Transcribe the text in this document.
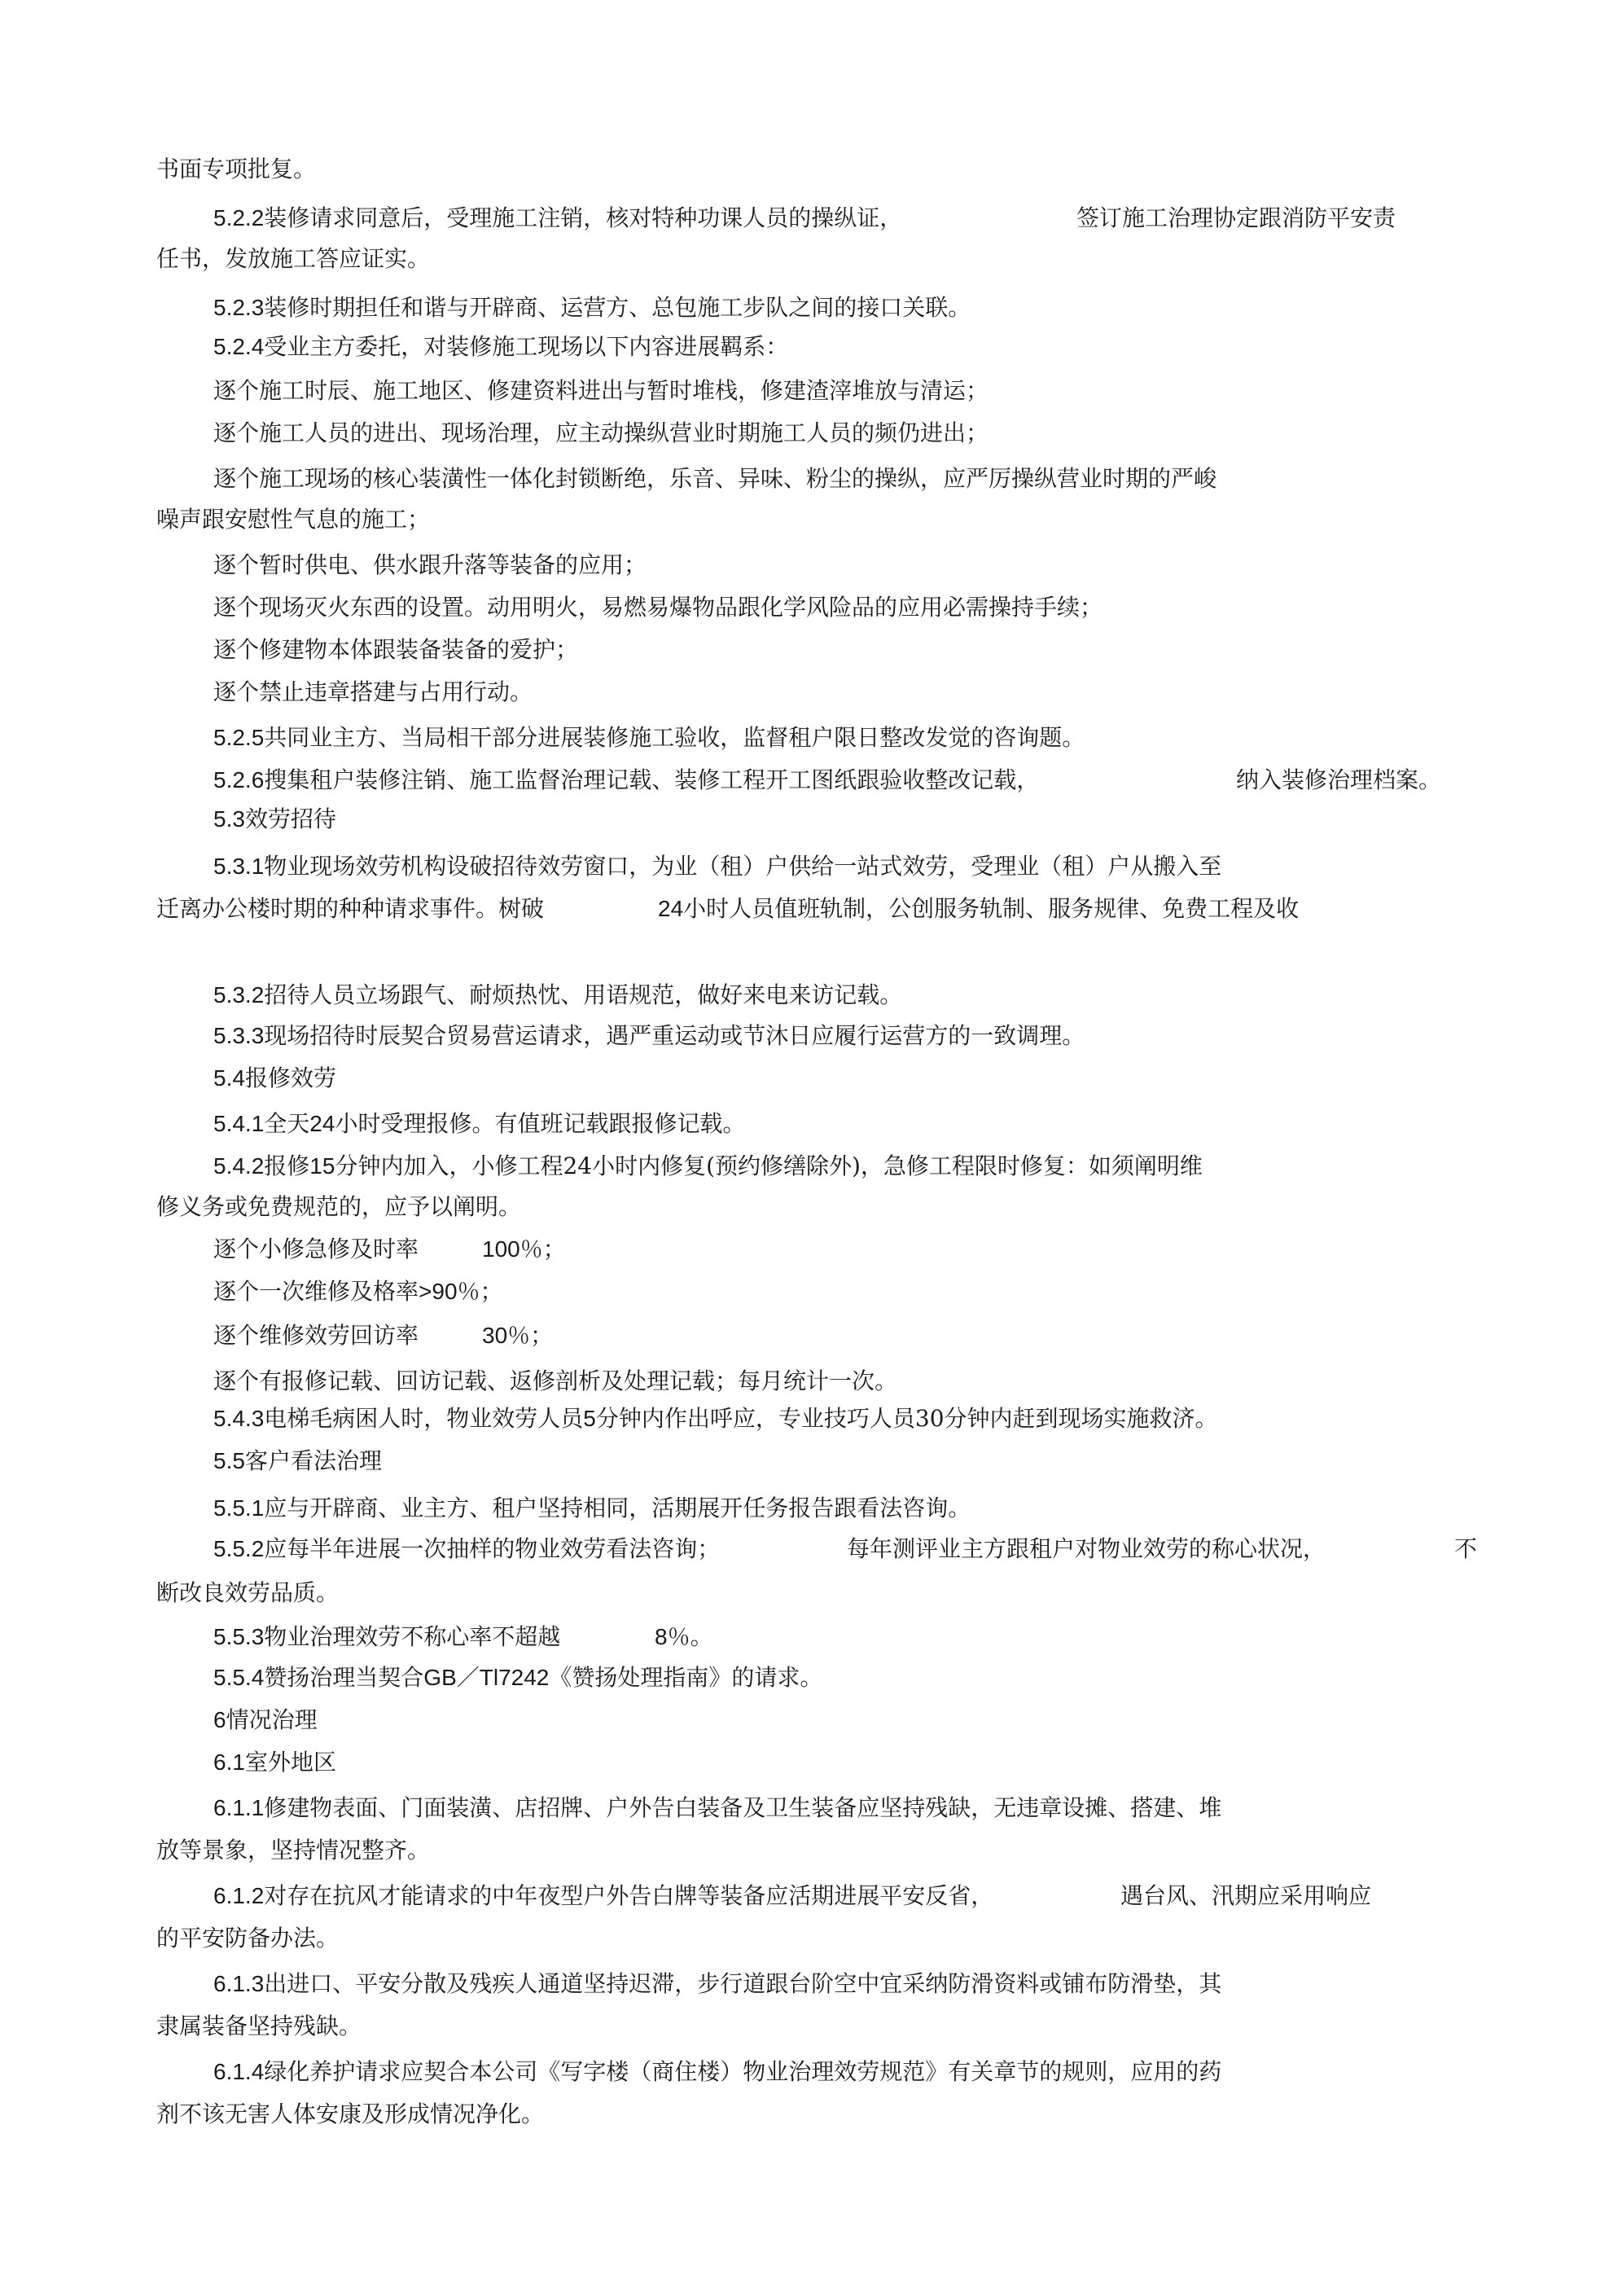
书面专项批复。
5.2.2装修请求同意后，受理施工注销，核对特种功课人员的操纵证，	签订施工治理协定跟消防平安责
任书，发放施工答应证实。
5.2.3装修时期担任和谐与开辟商、运营方、总包施工步队之间的接口关联。
5.2.4受业主方委托，对装修施工现场以下内容进展羁系：
逐个施工时辰、施工地区、修建资料进出与暂时堆栈，修建渣滓堆放与清运；
逐个施工人员的进出、现场治理，应主动操纵营业时期施工人员的频仍进出；
逐个施工现场的核心装潢性一体化封锁断绝，乐音、异味、粉尘的操纵，应严厉操纵营业时期的严峻
噪声跟安慰性气息的施工；
逐个暂时供电、供水跟升落等装备的应用；
逐个现场灭火东西的设置。动用明火，易燃易爆物品跟化学风险品的应用必需操持手续；
逐个修建物本体跟装备装备的爱护；
逐个禁止违章搭建与占用行动。
5.2.5共同业主方、当局相干部分进展装修施工验收，监督租户限日整改发觉的咨询题。
5.2.6搜集租户装修注销、施工监督治理记载、装修工程开工图纸跟验收整改记载，	纳入装修治理档案。
5.3效劳招待
5.3.1物业现场效劳机构设破招待效劳窗口，为业（租）户供给一站式效劳，受理业（租）户从搬入至
迁离办公楼时期的种种请求事件。树破	24小时人员值班轨制，公创服务轨制、服务规律、免费工程及收
5.3.2招待人员立场跟气、耐烦热忱、用语规范，做好来电来访记载。
5.3.3现场招待时辰契合贸易营运请求，遇严重运动或节沐日应履行运营方的一致调理。
5.4报修效劳
5.4.1全天24小时受理报修。有值班记载跟报修记载。
5.4.2报修15分钟内加入，小修工程24小时内修复(预约修缮除外)，急修工程限时修复：如须阐明维
修义务或免费规范的，应予以阐明。
逐个小修急修及时率	100％；
逐个一次维修及格率>90％；
逐个维修效劳回访率	30％；
逐个有报修记载、回访记载、返修剖析及处理记载；每月统计一次。
5.4.3电梯毛病困人时，物业效劳人员5分钟内作出呼应，专业技巧人员30分钟内赶到现场实施救济。
5.5客户看法治理
5.5.1应与开辟商、业主方、租户坚持相同，活期展开任务报告跟看法咨询。
5.5.2应每半年进展一次抽样的物业效劳看法咨询；	每年测评业主方跟租户对物业效劳的称心状况，	不
断改良效劳品质。
5.5.3物业治理效劳不称心率不超越	8％。
5.5.4赞扬治理当契合GB／Tl7242《赞扬处理指南》的请求。
6情况治理
6.1室外地区
6.1.1修建物表面、门面装潢、店招牌、户外告白装备及卫生装备应坚持残缺，无违章设摊、搭建、堆
放等景象，坚持情况整齐。
6.1.2对存在抗风才能请求的中年夜型户外告白牌等装备应活期进展平安反省，	遇台风、汛期应采用响应
的平安防备办法。
6.1.3出进口、平安分散及残疾人通道坚持迟滞，步行道跟台阶空中宜采纳防滑资料或铺布防滑垫，其
隶属装备坚持残缺。
6.1.4绿化养护请求应契合本公司《写字楼（商住楼）物业治理效劳规范》有关章节的规则，应用的药
剂不该无害人体安康及形成情况净化。
